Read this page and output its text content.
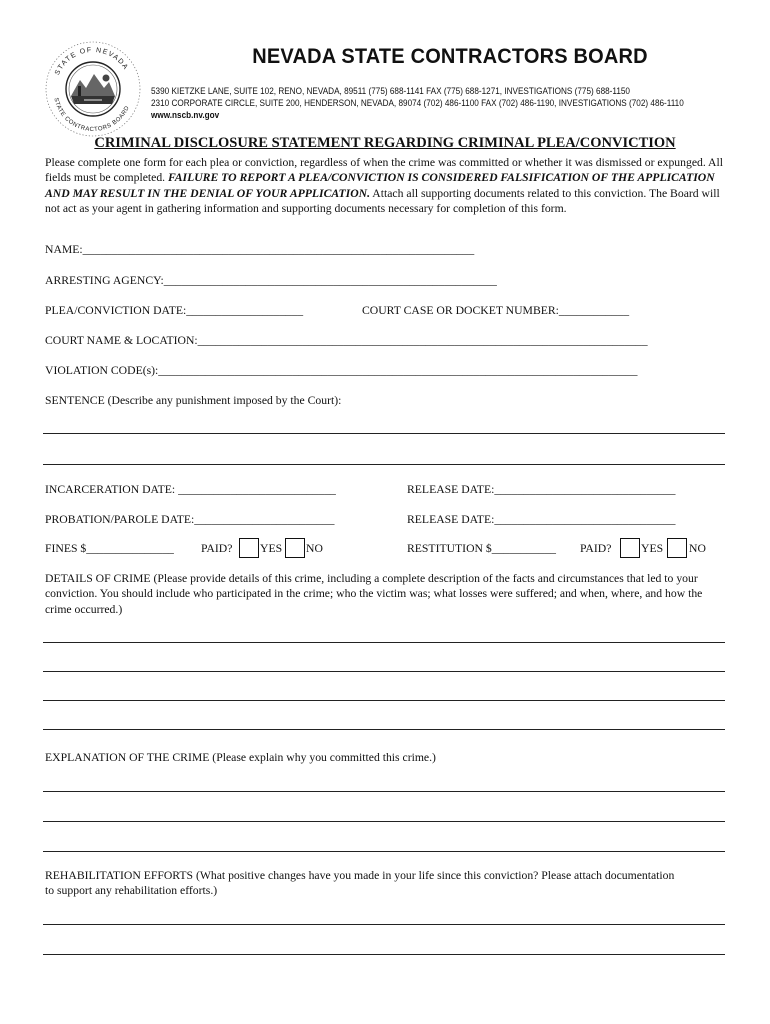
STATE OF NEVADA
STATE CONTRACTORS BOARD
NEVADA STATE CONTRACTORS BOARD
5390 KIETZKE LANE, SUITE 102, RENO, NEVADA, 89511 (775) 688-1141 FAX (775) 688-1271, INVESTIGATIONS (775) 688-1150
2310 CORPORATE CIRCLE, SUITE 200, HENDERSON, NEVADA, 89074 (702) 486-1100 FAX (702) 486-1190, INVESTIGATIONS (702) 486-1110
www.nscb.nv.gov
CRIMINAL DISCLOSURE STATEMENT REGARDING CRIMINAL PLEA/CONVICTION
Please complete one form for each plea or conviction, regardless of when the crime was committed or whether it was dismissed or expunged. All fields must be completed. FAILURE TO REPORT A PLEA/CONVICTION IS CONSIDERED FALSIFICATION OF THE APPLICATION AND MAY RESULT IN THE DENIAL OF YOUR APPLICATION. Attach all supporting documents related to this conviction. The Board will not act as your agent in gathering information and supporting documents necessary for completion of this form.
NAME:___________________________________________________________________
ARRESTING AGENCY:_________________________________________________________
PLEA/CONVICTION DATE:____________________	COURT CASE OR DOCKET NUMBER:____________
COURT NAME & LOCATION:_____________________________________________________________________________
VIOLATION CODE(s):__________________________________________________________________________________
SENTENCE (Describe any punishment imposed by the Court):
INCARCERATION DATE: ___________________________	RELEASE DATE:_______________________________
PROBATION/PAROLE DATE:________________________	RELEASE DATE:_______________________________
FINES $_______________ PAID? YES NO	RESTITUTION $___________ PAID?	YES NO
DETAILS OF CRIME (Please provide details of this crime, including a complete description of the facts and circumstances that led to your conviction. You should include who participated in the crime; who the victim was; what losses were suffered; and when, where, and how the crime occurred.)
EXPLANATION OF THE CRIME (Please explain why you committed this crime.)
REHABILITATION EFFORTS (What positive changes have you made in your life since this conviction? Please attach documentation to support any rehabilitation efforts.)
